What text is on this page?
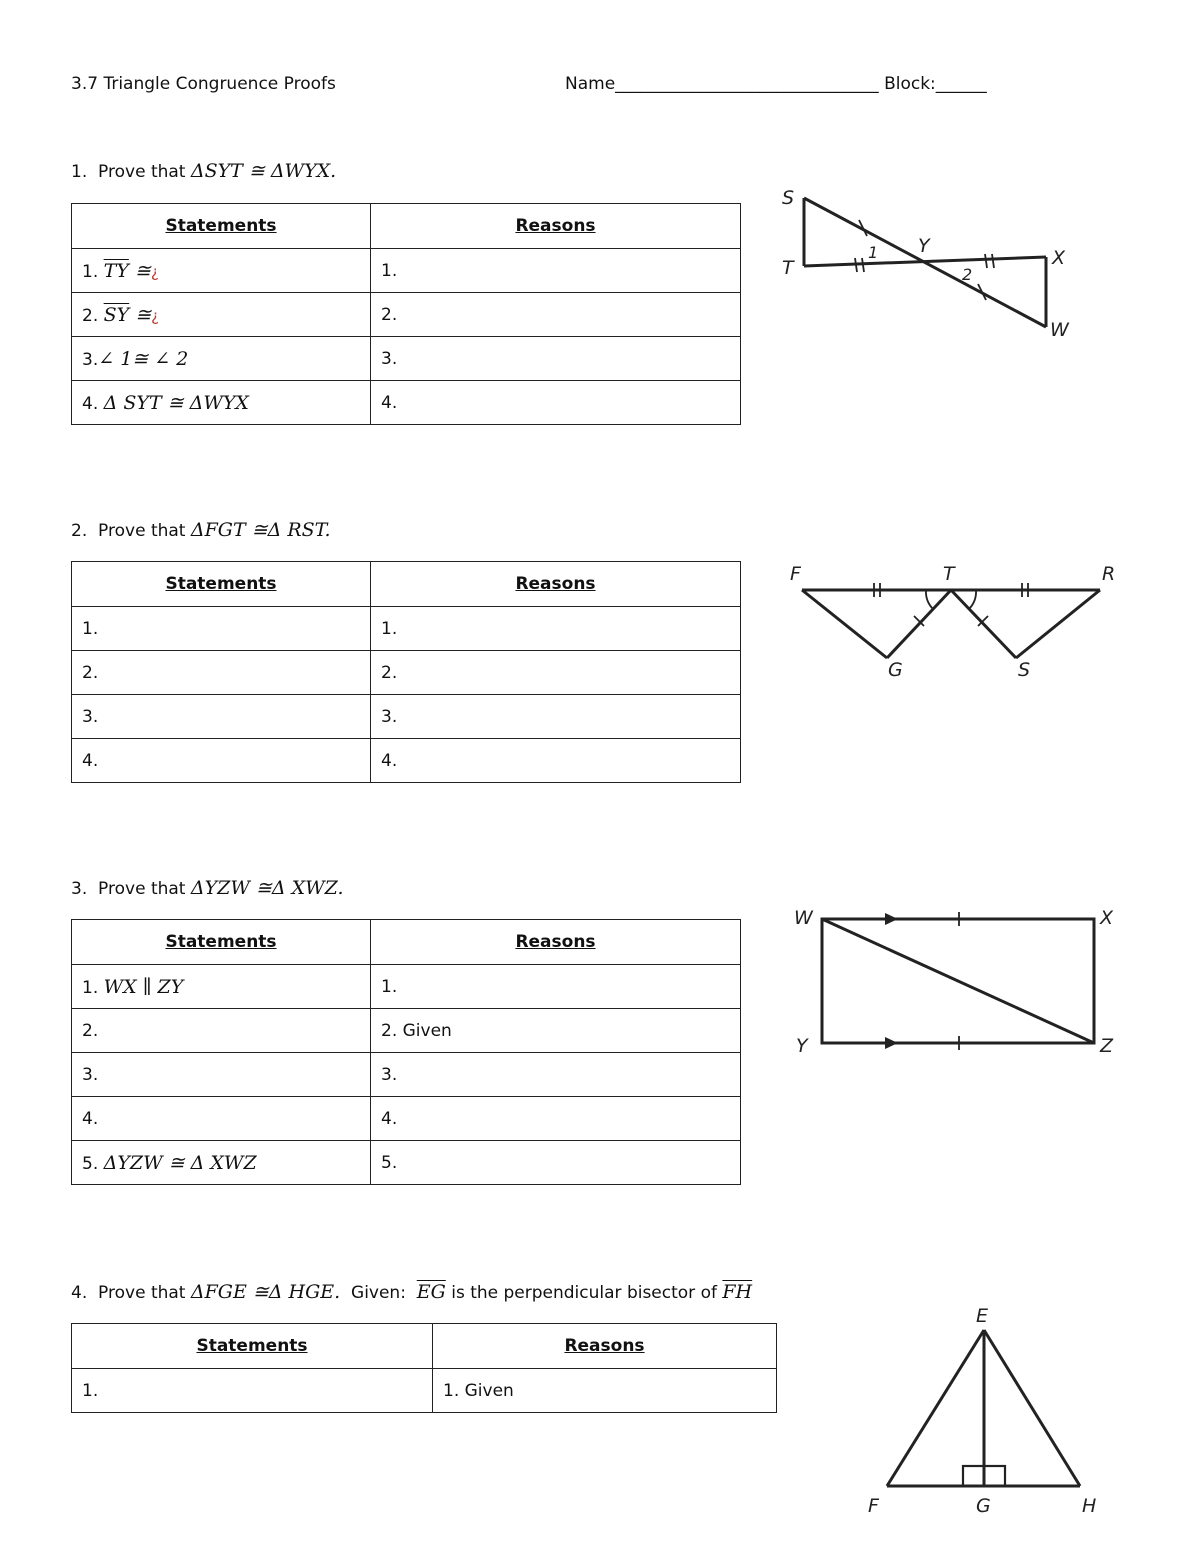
3.7 Triangle Congruence Proofs	Name_______________________________ Block:______
1. Prove that ΔSYT ≅ ΔWYX.
Statements	Reasons
1. $\overline{TY}$ ≅¿	1.
2. $\overline{SY}$ ≅¿	2.
3.∠ 1≅ ∠ 2	3.
4. Δ SYT ≅ ΔWYX	4.
S
T
Y
X
W
1
2
2. Prove that ΔFGT ≅Δ RST.
Statements	Reasons
1.	1.
2.	2.
3.	3.
4.	4.
F	T	R
G	S
3. Prove that ΔYZW ≅Δ XWZ.
Statements	Reasons
1. WX ∥ ZY	1.
2.	2. Given
3.	3.
4.	4.
5. ΔYZW ≅ Δ XWZ	5.
W	X
Y	Z
4. Prove that ΔFGE ≅Δ HGE. Given: $\overline{EG}$ is the perpendicular bisector of $\overline{FH}$
Statements	Reasons
1.	1. Given
E
F	G	H
